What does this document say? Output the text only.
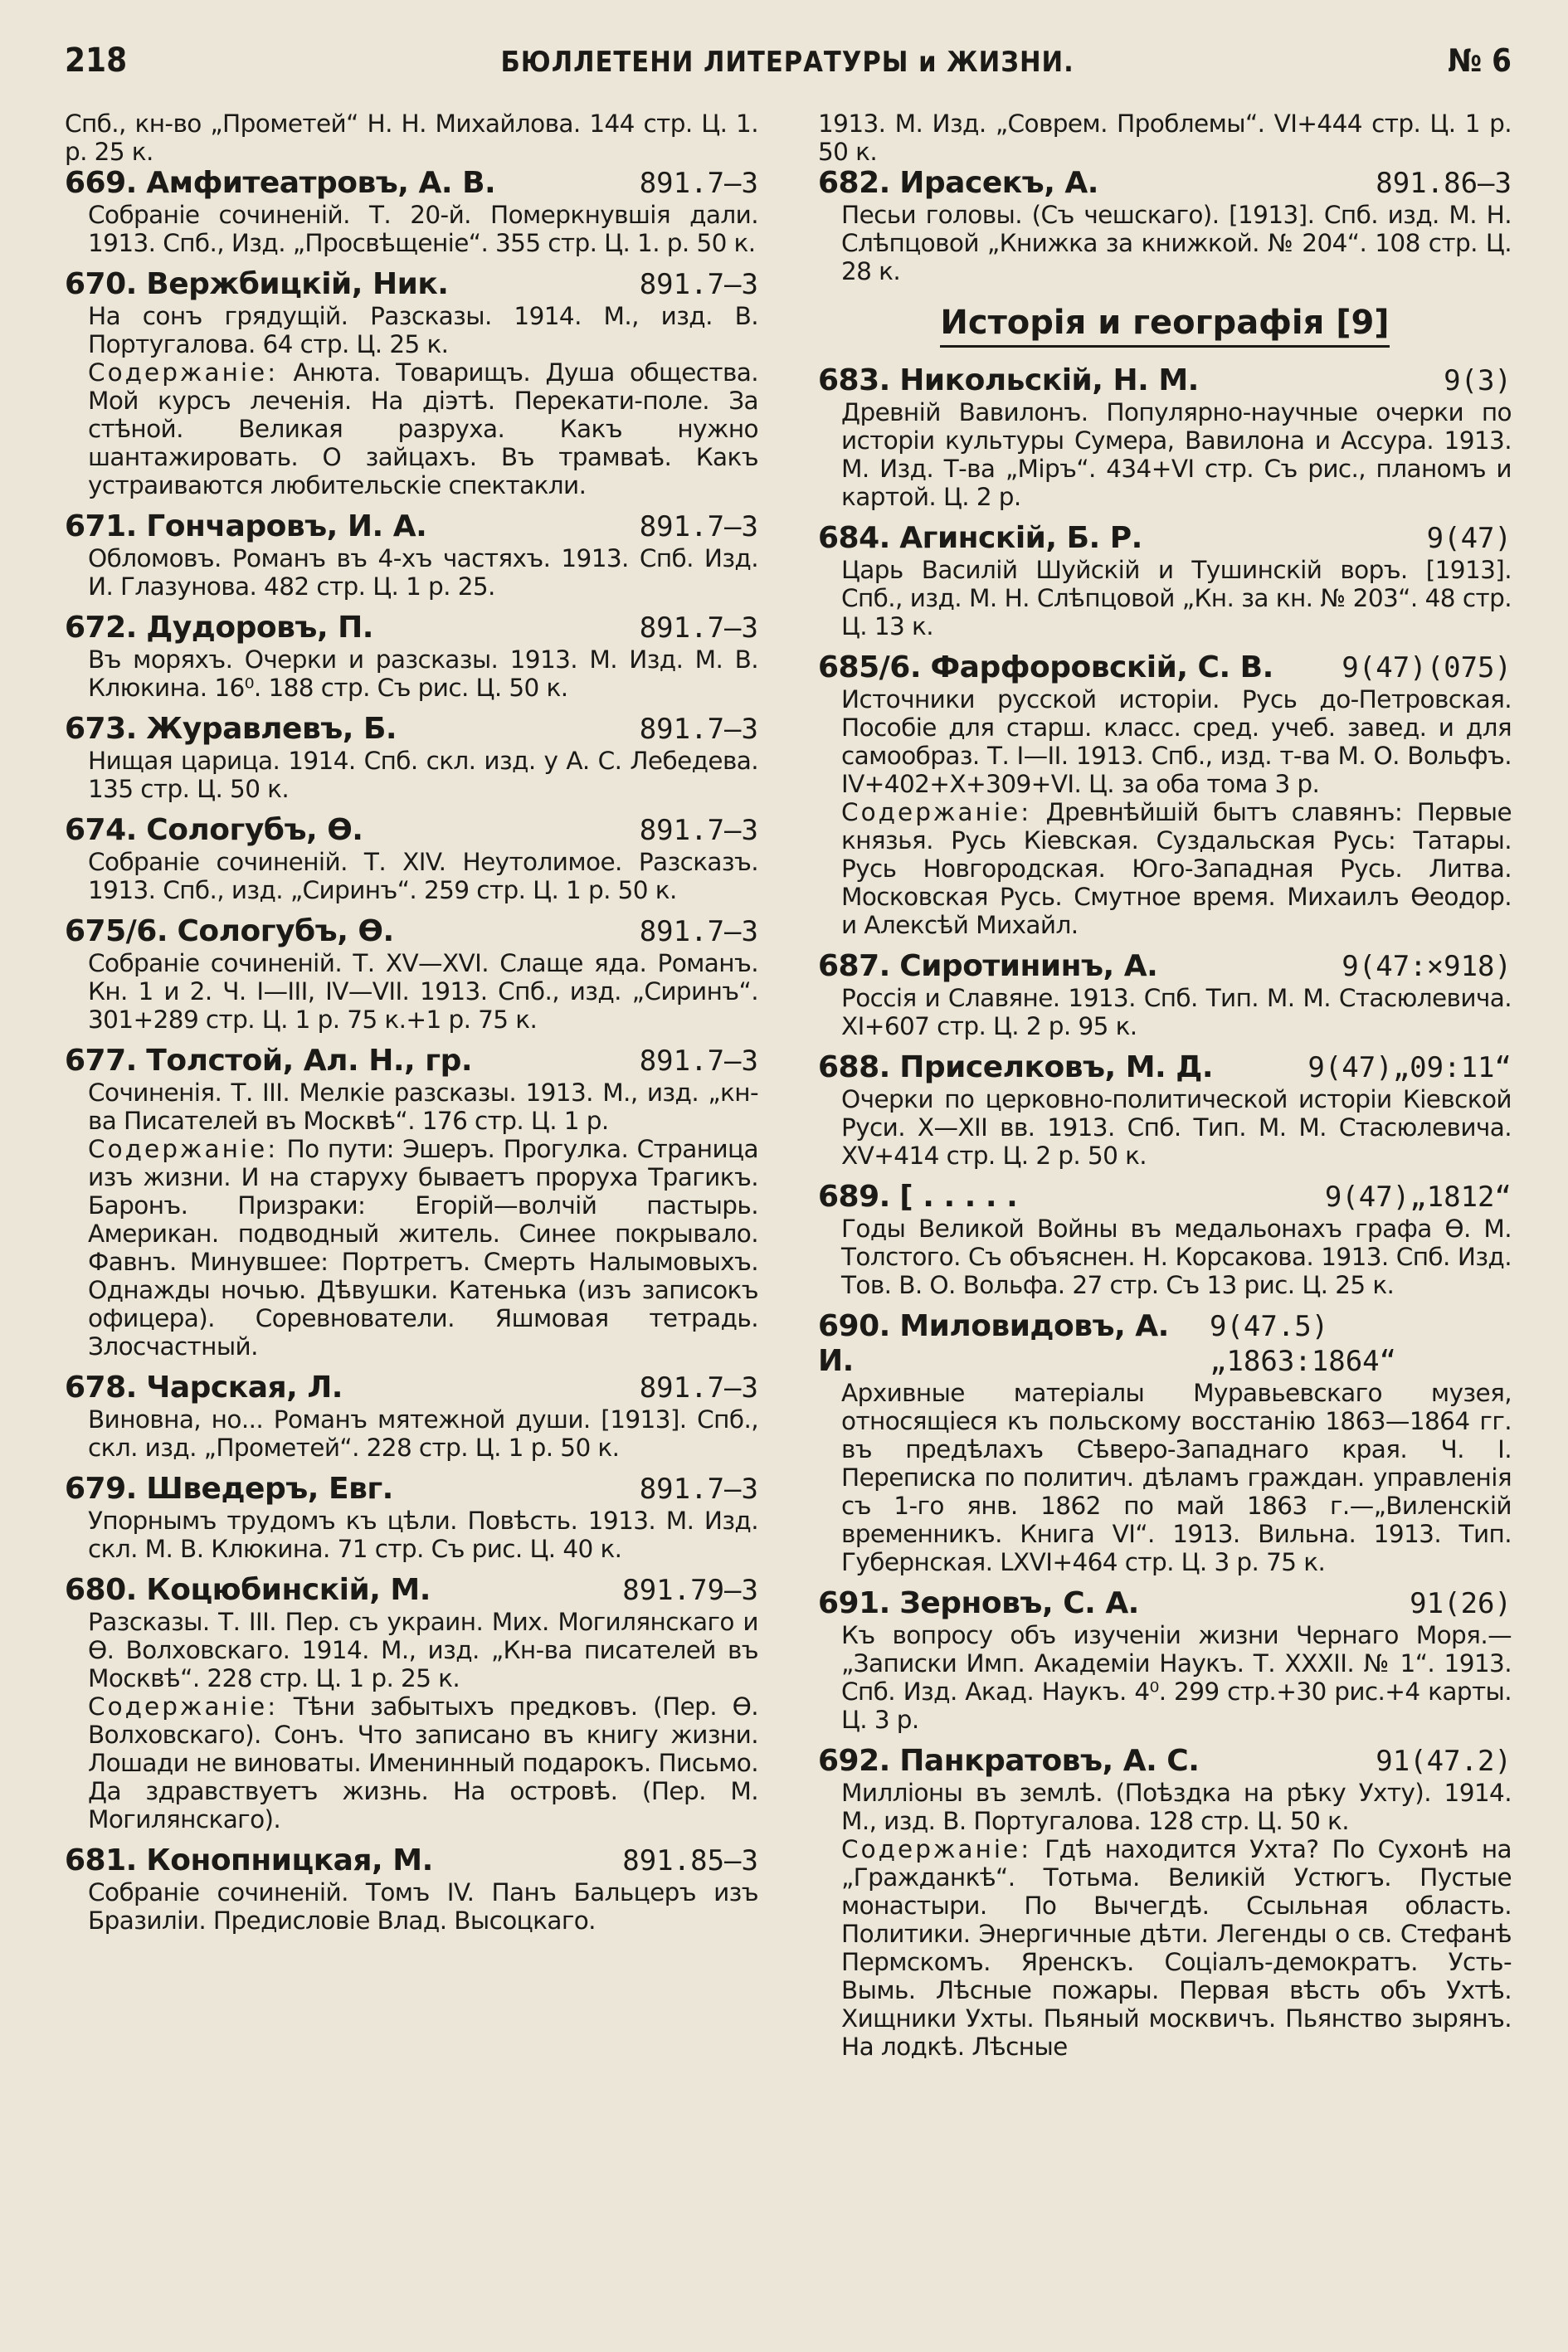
218	БЮЛЛЕТЕНИ ЛИТЕРАТУРЫ и ЖИЗНИ.	№ 6
Спб., кн-во „Прометей“ Н. Н. Михайлова. 144 стр. Ц. 1. р. 25 к.
669. Амфитеатровъ, А. В.	891.7—3
Собраніе сочиненій. Т. 20-й. Померкнувшія дали. 1913. Спб., Изд. „Просвѣщеніе“. 355 стр. Ц. 1. р. 50 к.
670. Вержбицкій, Ник.	891.7—3
На сонъ грядущій. Разсказы. 1914. М., изд. В. Португалова. 64 стр. Ц. 25 к.
Содержаніе: Анюта. Товарищъ. Душа общества. Мой курсъ леченія. На діэтѣ. Перекати-поле. За стѣной. Великая разруха. Какъ нужно шантажировать. О зайцахъ. Въ трамваѣ. Какъ устраиваются любительскіе спектакли.
671. Гончаровъ, И. А.	891.7—3
Обломовъ. Романъ въ 4-хъ частяхъ. 1913. Спб. Изд. И. Глазунова. 482 стр. Ц. 1 р. 25.
672. Дудоровъ, П.	891.7—3
Въ моряхъ. Очерки и разсказы. 1913. М. Изд. М. В. Клюкина. 16⁰. 188 стр. Съ рис. Ц. 50 к.
673. Журавлевъ, Б.	891.7—3
Нищая царица. 1914. Спб. скл. изд. у А. С. Лебедева. 135 стр. Ц. 50 к.
674. Сологубъ, Ѳ.	891.7—3
Собраніе сочиненій. Т. XIV. Неутолимое. Разсказъ. 1913. Спб., изд. „Сиринъ“. 259 стр. Ц. 1 р. 50 к.
675/6. Сологубъ, Ѳ.	891.7—3
Собраніе сочиненій. Т. XV—XVI. Слаще яда. Романъ. Кн. 1 и 2. Ч. I—III, IV—VII. 1913. Спб., изд. „Сиринъ“. 301+289 стр. Ц. 1 р. 75 к.+1 р. 75 к.
677. Толстой, Ал. Н., гр.	891.7—3
Сочиненія. Т. III. Мелкіе разсказы. 1913. М., изд. „кн-ва Писателей въ Москвѣ“. 176 стр. Ц. 1 р.
Содержаніе: По пути: Эшеръ. Прогулка. Страница изъ жизни. И на старуху бываетъ проруха Трагикъ. Баронъ. Призраки: Егорій—волчій пастырь. Американ. подводный житель. Синее покрывало. Фавнъ. Минувшее: Портретъ. Смерть Налымовыхъ. Однажды ночью. Дѣвушки. Катенька (изъ записокъ офицера). Соревнователи. Яшмовая тетрадь. Злосчастный.
678. Чарская, Л.	891.7—3
Виновна, но... Романъ мятежной души. [1913]. Спб., скл. изд. „Прометей“. 228 стр. Ц. 1 р. 50 к.
679. Шведеръ, Евг.	891.7—3
Упорнымъ трудомъ къ цѣли. Повѣсть. 1913. М. Изд. скл. М. В. Клюкина. 71 стр. Съ рис. Ц. 40 к.
680. Коцюбинскій, М.	891.79—3
Разсказы. Т. III. Пер. съ украин. Мих. Могилянскаго и Ѳ. Волховскаго. 1914. М., изд. „Кн-ва писателей въ Москвѣ“. 228 стр. Ц. 1 р. 25 к.
Содержаніе: Тѣни забытыхъ предковъ. (Пер. Ѳ. Волховскаго). Сонъ. Что записано въ книгу жизни. Лошади не виноваты. Именинный подарокъ. Письмо. Да здравствуетъ жизнь. На островѣ. (Пер. М. Могилянскаго).
681. Конопницкая, М.	891.85—3
Собраніе сочиненій. Томъ IV. Панъ Бальцеръ изъ Бразиліи. Предисловіе Влад. Высоцкаго.
1913. М. Изд. „Соврем. Проблемы“. VI+444 стр. Ц. 1 р. 50 к.
682. Ирасекъ, А.	891.86—3
Песьи головы. (Съ чешскаго). [1913]. Спб. изд. М. Н. Слѣпцовой „Книжка за книжкой. № 204“. 108 стр. Ц. 28 к.
Исторія и географія [9]
683. Никольскій, Н. М.	9(3)
Древній Вавилонъ. Популярно-научные очерки по исторіи культуры Сумера, Вавилона и Ассура. 1913. М. Изд. Т-ва „Міръ“. 434+VI стр. Съ рис., планомъ и картой. Ц. 2 р.
684. Агинскій, Б. Р.	9(47)
Царь Василій Шуйскій и Тушинскій воръ. [1913]. Спб., изд. М. Н. Слѣпцовой „Кн. за кн. № 203“. 48 стр. Ц. 13 к.
685/6. Фарфоровскій, С. В. 9(47)(075)
Источники русской исторіи. Русь до-Петровская. Пособіе для старш. класс. сред. учеб. завед. и для самообраз. Т. I—II. 1913. Спб., изд. т-ва М. О. Вольфъ. IV+402+X+309+VI. Ц. за оба тома 3 р.
Содержаніе: Древнѣйшій бытъ славянъ: Первые князья. Русь Кіевская. Суздальская Русь: Татары. Русь Новгородская. Юго-Западная Русь. Литва. Московская Русь. Смутное время. Михаилъ Ѳеодор. и Алексѣй Михайл.
687. Сиротининъ, А.	9(47:×918)
Россія и Славяне. 1913. Спб. Тип. М. М. Стасюлевича. XI+607 стр. Ц. 2 р. 95 к.
688. Приселковъ, М. Д.	9(47)„09:11“
Очерки по церковно-политической исторіи Кіевской Руси. X—XII вв. 1913. Спб. Тип. М. М. Стасюлевича. XV+414 стр. Ц. 2 р. 50 к.
689. [ . . . . .	9(47)„1812“
Годы Великой Войны въ медальонахъ графа Ѳ. М. Толстого. Съ объяснен. Н. Корсакова. 1913. Спб. Изд. Тов. В. О. Вольфа. 27 стр. Съ 13 рис. Ц. 25 к.
690. Миловидовъ, А. И.
9(47.5)„1863:1864“
Архивные матеріалы Муравьевскаго музея, относящіеся къ польскому восстанію 1863—1864 гг. въ предѣлахъ Сѣверо-Западнаго края. Ч. I. Переписка по политич. дѣламъ граждан. управленія съ 1-го янв. 1862 по май 1863 г.—„Виленскій временникъ. Книга VI“. 1913. Вильна. 1913. Тип. Губернская. LXVI+464 стр. Ц. 3 р. 75 к.
691. Зерновъ, С. А.	91(26)
Къ вопросу объ изученіи жизни Чернаго Моря.—„Записки Имп. Академіи Наукъ. Т. XXXII. № 1“. 1913. Спб. Изд. Акад. Наукъ. 4⁰. 299 стр.+30 рис.+4 карты. Ц. 3 р.
692. Панкратовъ, А. С.	91(47.2)
Милліоны въ землѣ. (Поѣздка на рѣку Ухту). 1914. М., изд. В. Португалова. 128 стр. Ц. 50 к.
Содержаніе: Гдѣ находится Ухта? По Сухонѣ на „Гражданкѣ“. Тотьма. Великій Устюгъ. Пустые монастыри. По Вычегдѣ. Ссыльная область. Политики. Энергичные дѣти. Легенды о св. Стефанѣ Пермскомъ. Яренскъ. Соціалъ-демократъ. Усть-Вымь. Лѣсные пожары. Первая вѣсть объ Ухтѣ. Хищники Ухты. Пьяный москвичъ. Пьянство зырянъ. На лодкѣ. Лѣсные
